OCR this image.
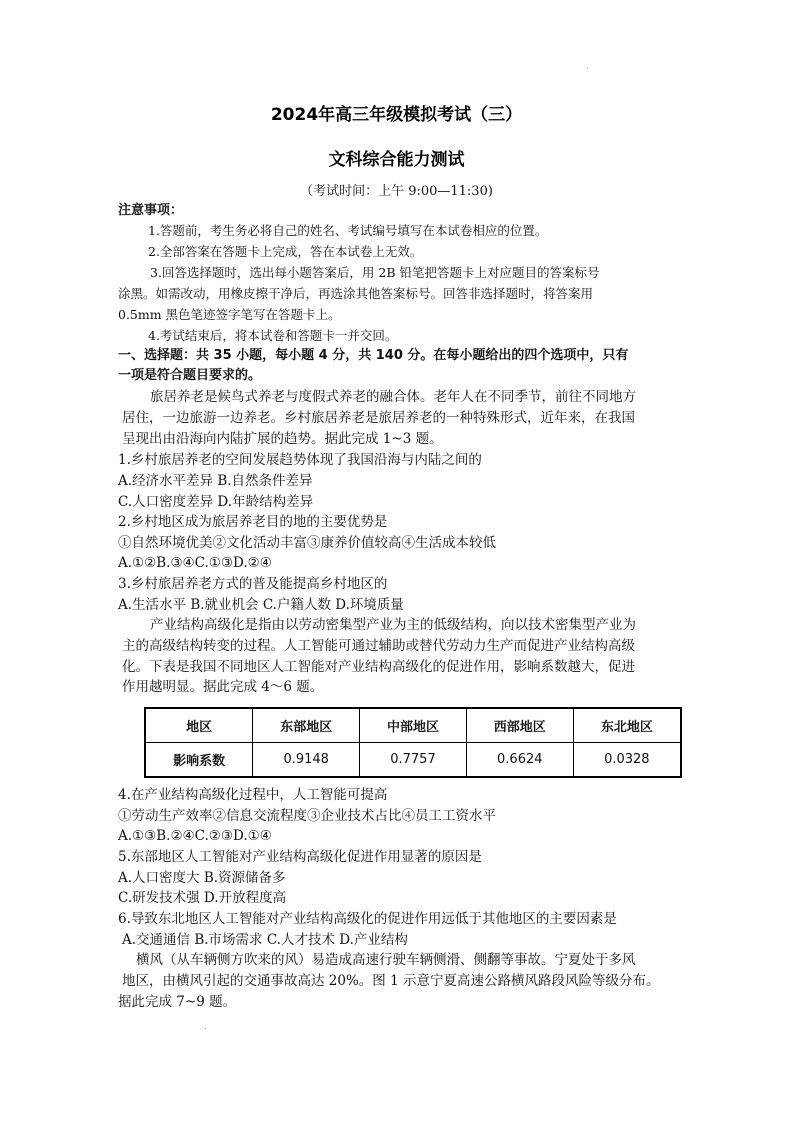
.
2024年高三年级模拟考试（三）
文科综合能力测试
（考试时间：上午 9:00—11:30)
注意事项：
1.答题前，考生务必将自己的姓名、考试编号填写在本试卷相应的位置。
2.全部答案在答题卡上完成，答在本试卷上无效。
3.回答选择题时，选出每小题答案后，用 2B 铅笔把答题卡上对应题目的答案标号
涂黑。如需改动，用橡皮擦干净后，再选涂其他答案标号。回答非选择题时，将答案用
0.5mm 黑色笔迹签字笔写在答题卡上。
4.考试结束后，将本试卷和答题卡一并交回。
一、选择题：共 35 小题，每小题 4 分，共 140 分。在每小题给出的四个选项中，只有
一项是符合题目要求的。
旅居养老是候鸟式养老与度假式养老的融合体。老年人在不同季节，前往不同地方
居住，一边旅游一边养老。乡村旅居养老是旅居养老的一种特殊形式，近年来，在我国
呈现出由沿海向内陆扩展的趋势。据此完成 1~3 题。
1.乡村旅居养老的空间发展趋势体现了我国沿海与内陆之间的
A.经济水平差异 B.自然条件差异
C.人口密度差异 D.年龄结构差异
2.乡村地区成为旅居养老目的地的主要优势是
①自然环境优美②文化活动丰富③康养价值较高④生活成本较低
A.①②B.③④C.①③D.②④
3.乡村旅居养老方式的普及能提高乡村地区的
A.生活水平 B.就业机会 C.户籍人数 D.环境质量
产业结构高级化是指由以劳动密集型产业为主的低级结构，向以技术密集型产业为
主的高级结构转变的过程。人工智能可通过辅助或替代劳动力生产而促进产业结构高级
化。下表是我国不同地区人工智能对产业结构高级化的促进作用，影响系数越大，促进
作用越明显。据此完成 4～6 题。
地区	东部地区	中部地区	西部地区	东北地区
影响系数	0.9148	0.7757	0.6624	0.0328
4.在产业结构高级化过程中，人工智能可提高
①劳动生产效率②信息交流程度③企业技术占比④员工工资水平
A.①③B.②④C.②③D.①④
5.东部地区人工智能对产业结构高级化促进作用显著的原因是
A.人口密度大 B.资源储备多
C.研发技术强 D.开放程度高
6.导致东北地区人工智能对产业结构高级化的促进作用远低于其他地区的主要因素是
A.交通通信 B.市场需求 C.人才技术 D.产业结构
横风（从车辆侧方吹来的风）易造成高速行驶车辆侧滑、侧翻等事故。宁夏处于多风
地区，由横风引起的交通事故高达 20%。图 1 示意宁夏高速公路横风路段风险等级分布。
据此完成 7~9 题。
.
